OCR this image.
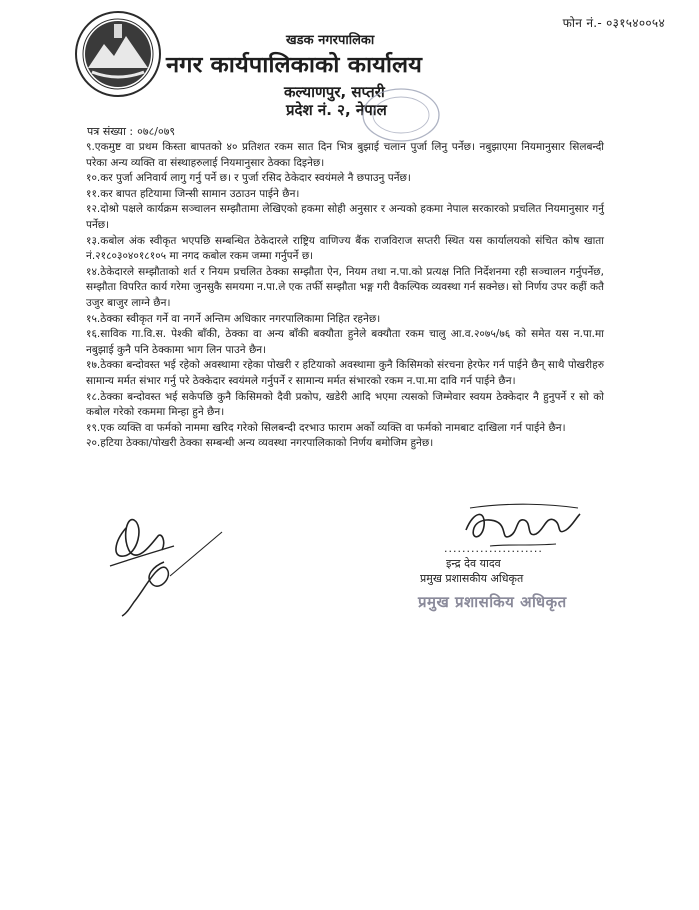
फोन नं.- ०३१५४००५४
खडक नगरपालिका
नगर कार्यपालिकाको कार्यालय
कल्याणपुर, सप्तरी
प्रदेश नं. २, नेपाल
पत्र संख्या : ०७८/०७९

९.एकमुष्ट वा प्रथम किस्ता बापतको ४० प्रतिशत रकम सात दिन भित्र बुझाई चलान पुर्जा लिनु पर्नेछ। नबुझाएमा नियमानुसार सिलबन्दी परेका अन्य व्यक्ति वा संस्थाहरुलाई नियमानुसार ठेक्का दिइनेछ।

१०.कर पुर्जा अनिवार्य लागु गर्नु पर्ने छ। र पुर्जा रसिद ठेकेदार स्वयंमले नै छपाउनु पर्नेछ।

११.कर बापत हटियामा जिन्सी सामान उठाउन पाईने छैन।

१२.दोश्रो पक्षले कार्यक्रम सञ्चालन सम्झौतामा लेखिएको हकमा सोही अनुसार र अन्यको हकमा नेपाल सरकारको प्रचलित नियमानुसार गर्नु पर्नेछ।

१३.कबोल अंक स्वीकृत भएपछि सम्बन्धित ठेकेदारले राष्ट्रिय वाणिज्य बैंक राजविराज सप्तरी स्थित यस कार्यालयको संचित कोष खाता नं.२१८०३०४०१८१०५ मा नगद कबोल रकम जम्मा गर्नुपर्ने छ।

१४.ठेकेदारले सम्झौताको शर्त र नियम प्रचलित ठेक्का सम्झौता ऐन, नियम तथा न.पा.को प्रत्यक्ष निति निर्देशनमा रही सञ्चालन गर्नुपर्नेछ, सम्झौता विपरित कार्य गरेमा जुनसुकै समयमा न.पा.ले एक तर्फी सम्झौता भङ्ग गरी वैकल्पिक व्यवस्था गर्न सक्नेछ। सो निर्णय उपर कहीं कतै उजुर बाजुर लाग्ने छैन।

१५.ठेक्का स्वीकृत गर्ने वा नगर्ने अन्तिम अधिकार नगरपालिकामा निहित रहनेछ।

१६.साविक गा.वि.स. पेश्की बाँकी, ठेक्का वा अन्य बाँकी बक्यौता हुनेले बक्यौता रकम चालु आ.व.२०७५/७६ को समेत यस न.पा.मा नबुझाई कुनै पनि ठेक्कामा भाग लिन पाउने छैन।

१७.ठेक्का बन्दोवस्त भई रहेको अवस्थामा रहेका पोखरी र हटियाको अवस्थामा कुनै किसिमको संरचना हेरफेर गर्न पाईने छैन् साथै पोखरीहरु सामान्य मर्मत संभार गर्नु परे ठेक्केदार स्वयंमले गर्नुपर्ने र सामान्य मर्मत संभारको रकम न.पा.मा दावि गर्न पाईने छैन।

१८.ठेक्का बन्दोवस्त भई सकेपछि कुनै किसिमको दैवी प्रकोप, खडेरी आदि भएमा त्यसको जिम्मेवार स्वयम ठेक्केदार नै हुनुपर्ने र सो को कबोल गरेको रकममा मिन्हा हुने छैन।

१९.एक व्यक्ति वा फर्मको नाममा खरिद गरेको सिलबन्दी दरभाउ फाराम अर्को व्यक्ति वा फर्मको नामबाट दाखिला गर्न पाईने छैन।

२०.हटिया ठेक्का/पोखरी ठेक्का सम्बन्धी अन्य व्यवस्था नगरपालिकाको निर्णय बमोजिम हुनेछ।

......................
इन्द्र देव यादव
प्रमुख प्रशासकीय अधिकृत
प्रमुख प्रशासकिय अधिकृत
